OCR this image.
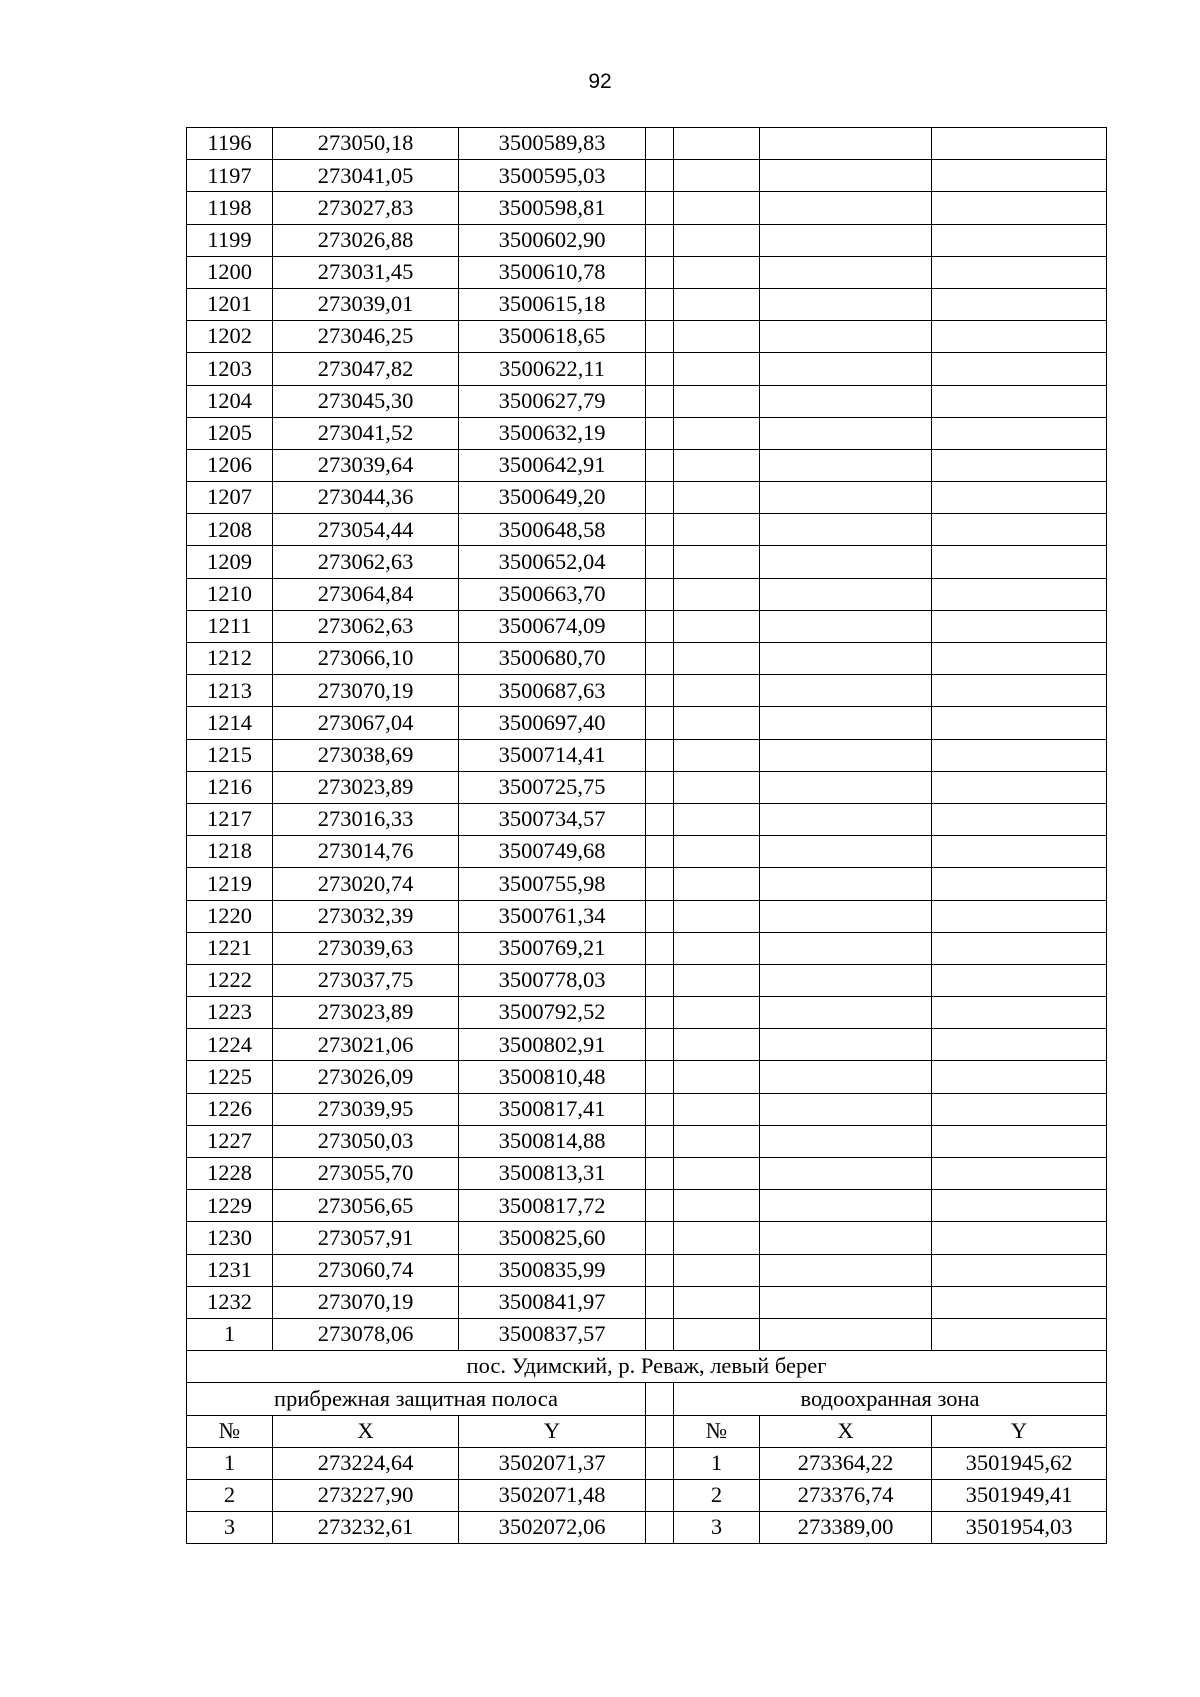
92
1196	273050,18	3500589,83				
1197	273041,05	3500595,03				
1198	273027,83	3500598,81				
1199	273026,88	3500602,90				
1200	273031,45	3500610,78				
1201	273039,01	3500615,18				
1202	273046,25	3500618,65				
1203	273047,82	3500622,11				
1204	273045,30	3500627,79				
1205	273041,52	3500632,19				
1206	273039,64	3500642,91				
1207	273044,36	3500649,20				
1208	273054,44	3500648,58				
1209	273062,63	3500652,04				
1210	273064,84	3500663,70				
1211	273062,63	3500674,09				
1212	273066,10	3500680,70				
1213	273070,19	3500687,63				
1214	273067,04	3500697,40				
1215	273038,69	3500714,41				
1216	273023,89	3500725,75				
1217	273016,33	3500734,57				
1218	273014,76	3500749,68				
1219	273020,74	3500755,98				
1220	273032,39	3500761,34				
1221	273039,63	3500769,21				
1222	273037,75	3500778,03				
1223	273023,89	3500792,52				
1224	273021,06	3500802,91				
1225	273026,09	3500810,48				
1226	273039,95	3500817,41				
1227	273050,03	3500814,88				
1228	273055,70	3500813,31				
1229	273056,65	3500817,72				
1230	273057,91	3500825,60				
1231	273060,74	3500835,99				
1232	273070,19	3500841,97				
1	273078,06	3500837,57				
пос. Удимский, р. Реваж, левый берег						
прибрежная защитная полоса				водоохранная зона		
№	X	Y		№	X	Y
1	273224,64	3502071,37		1	273364,22	3501945,62
2	273227,90	3502071,48		2	273376,74	3501949,41
3	273232,61	3502072,06		3	273389,00	3501954,03
